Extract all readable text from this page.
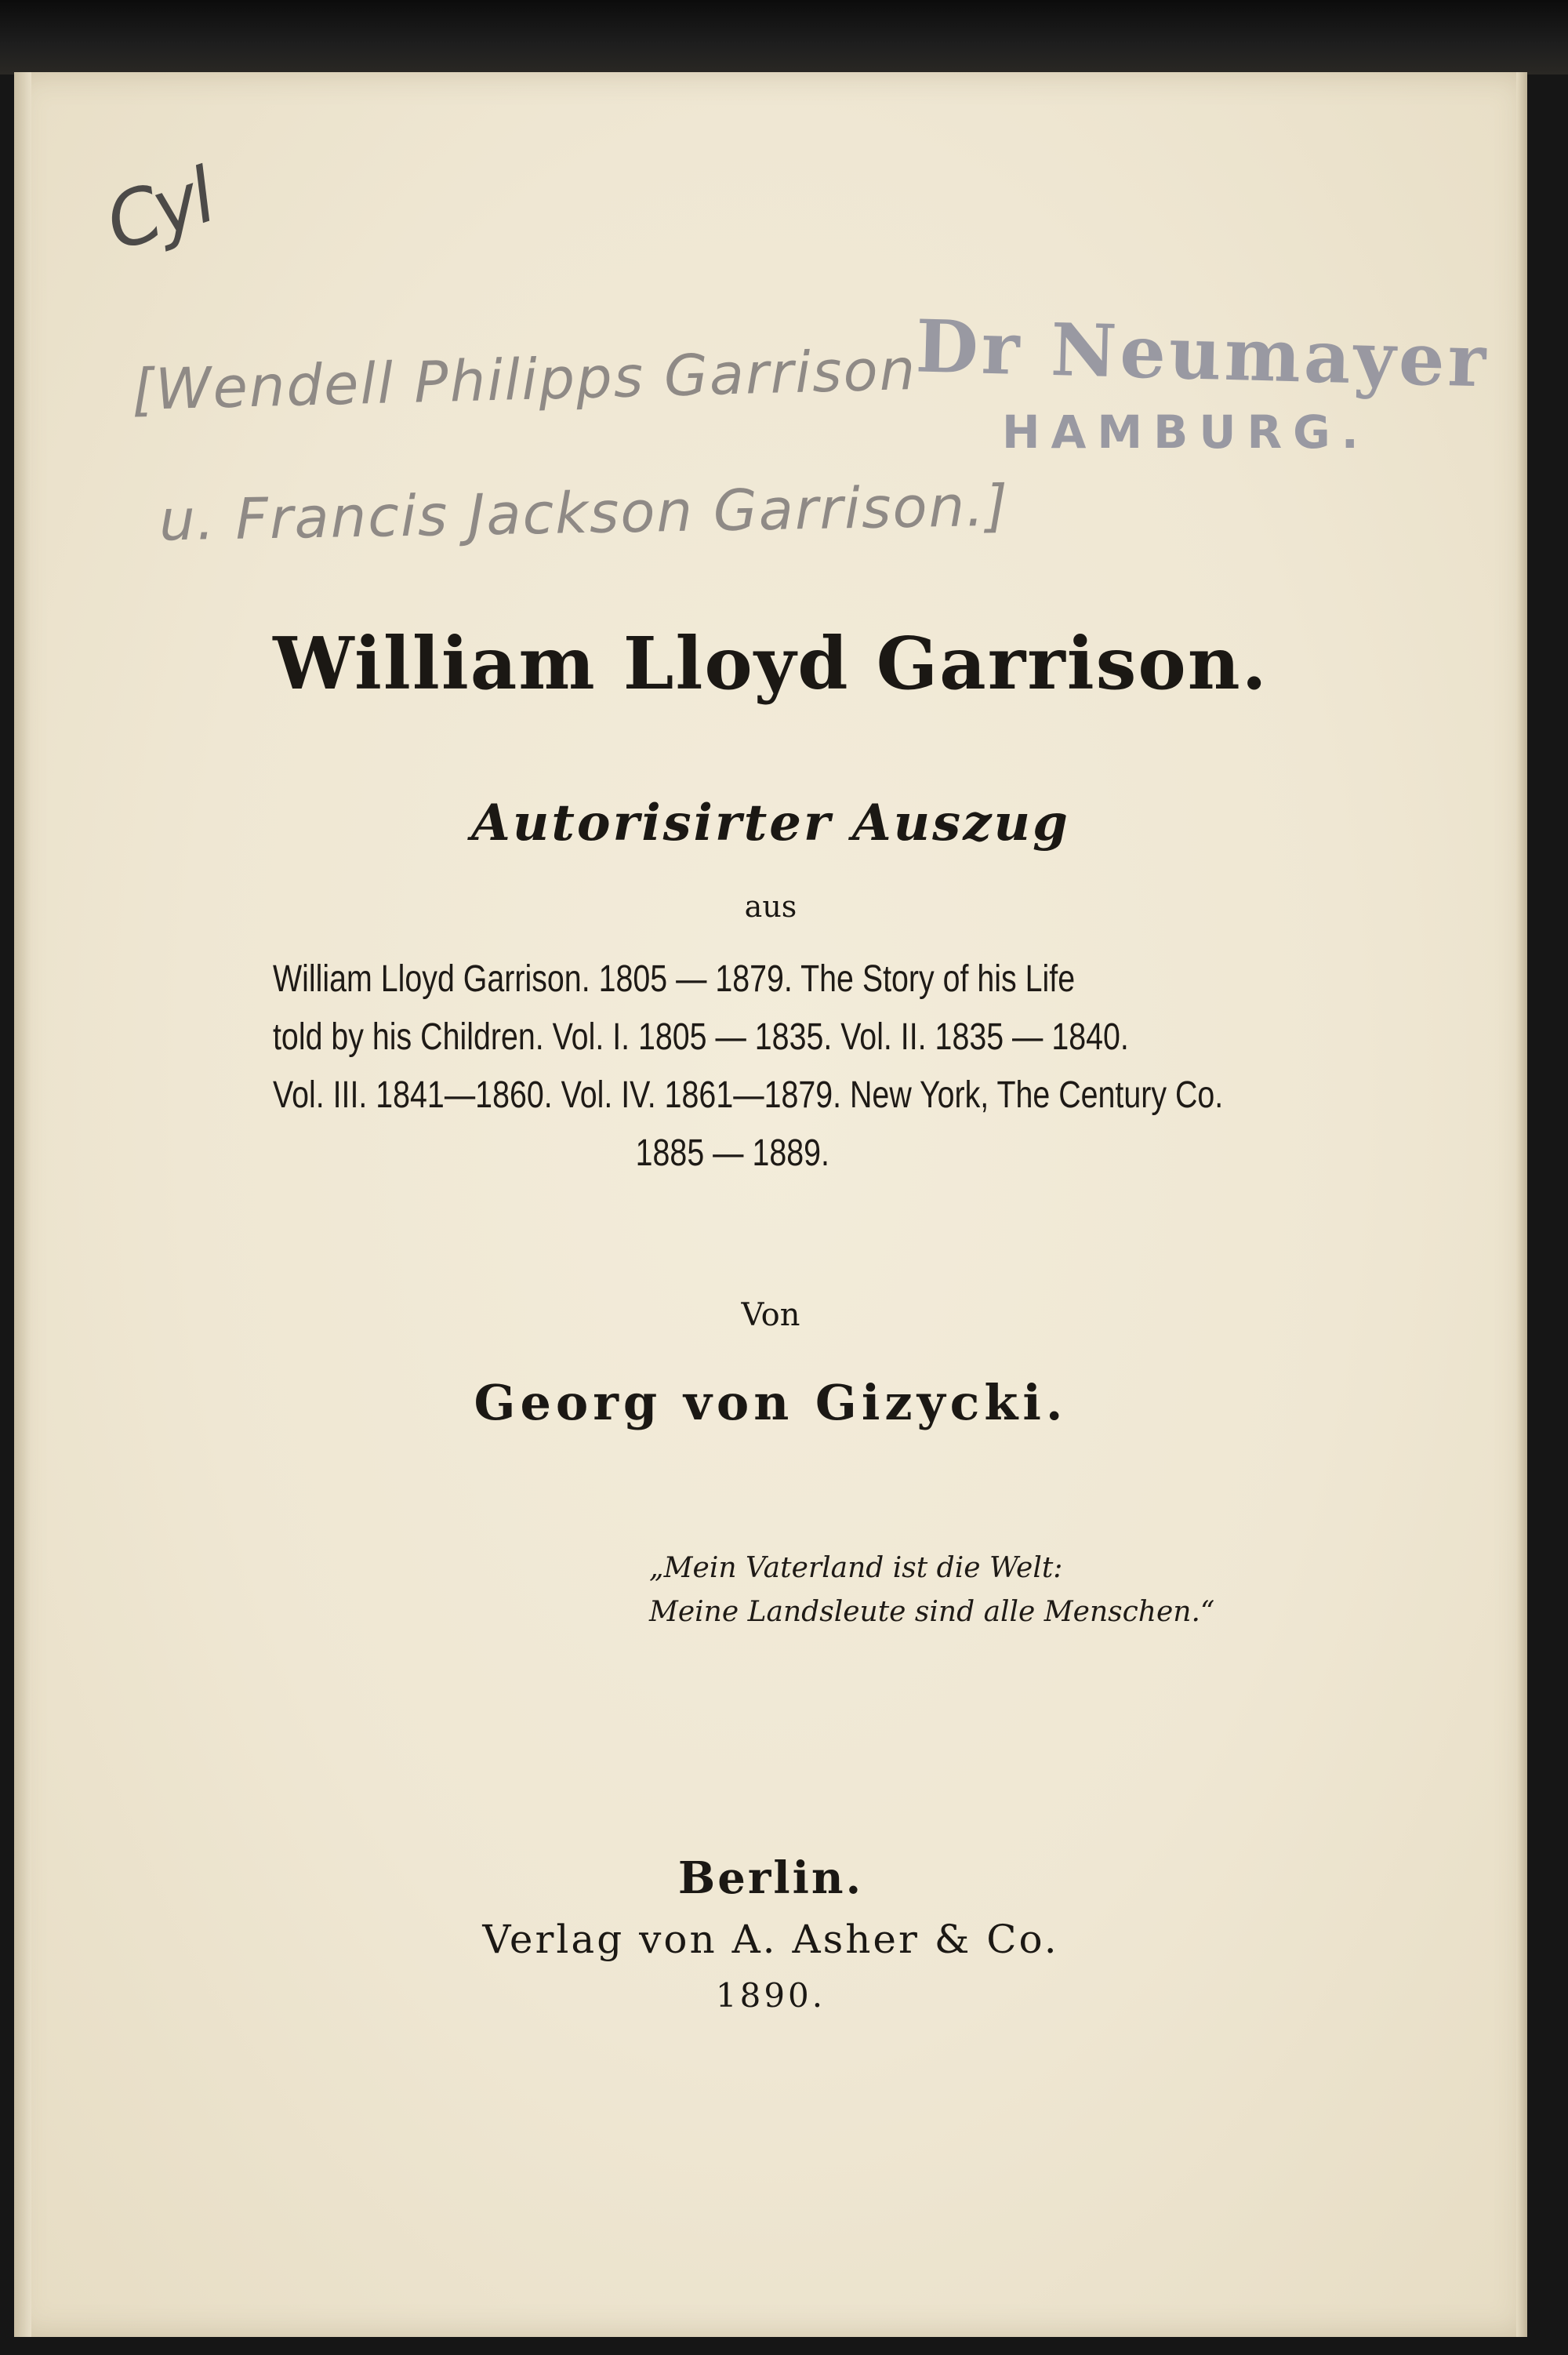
Cyl
[Wendell Philipps Garrison
u. Francis Jackson Garrison.]
Dr Neumayer
HAMBURG.
William Lloyd Garrison.
Autorisirter Auszug
aus
William Lloyd Garrison. 1805 — 1879. The Story of his Life
told by his Children. Vol. I. 1805 — 1835. Vol. II. 1835 — 1840.
Vol. III. 1841—1860. Vol. IV. 1861—1879. New York, The Century Co.
1885 — 1889.
Von
Georg von Gizycki.
„Mein Vaterland ist die Welt:
Meine Landsleute sind alle Menschen.“
Berlin.
Verlag von A. Asher & Co.
1890.
